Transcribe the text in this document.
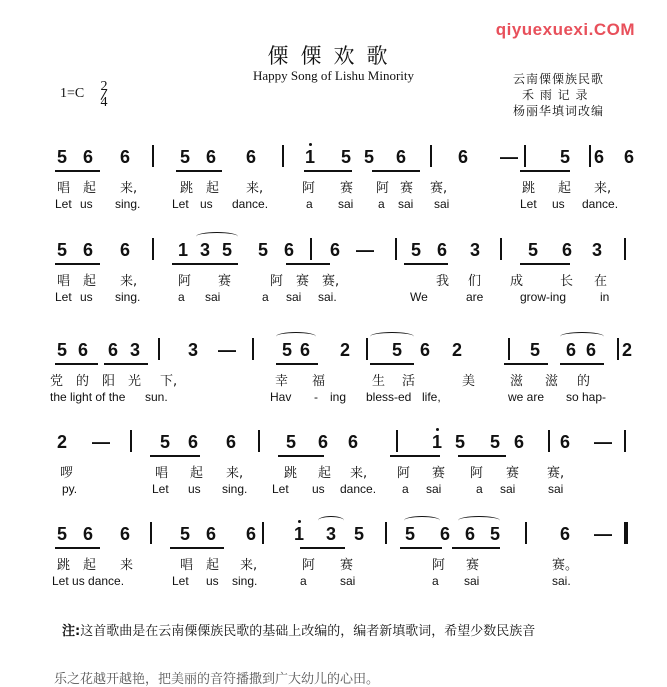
qiyuexuexi.COM
傈傈欢歌
Happy Song of Lishu Minority
1=C 2
4
云南傈傈族民歌
禾 雨 记 录
杨丽华填词改编
5 6 6	5 6 6	1 5 5 6	6 — 5 6 6
唱 起 来,	跳 起 来,	阿 赛 阿 赛 赛,	跳 起 来,
Let us sing.	Let us dance.	a sai a sai sai	Let us dance.
5 6 6	1 3 5 5 6 6 — 5 6 3	5 6 3
唱 起 来,	阿 赛	阿 赛 赛,	我 们 成	长 在
Let us sing.	a sai	a sai sai.	We	are	grow-ing	in
5 6 6 3	3 —	5 6 2 5 6 2	5 6 6 2
党 的 阳 光 下,	幸 福	生 活	美	滋 滋 的
the light of the sun.	Hav - ing bless-ed life,	we are so hap-
2 —	5 6 6	5 6 6	1 5 5 6 6 —
啰	唱 起 来,	跳 起 来, 阿 赛 阿 赛 赛,
py.	Let us sing. Let us dance. a sai	a sai	sai
5 6 6	5 6 6 1 3 5 5 6 6 5	6 —
跳 起 来	唱 起 来,	阿 赛	阿 赛	赛。
Let us dance.	Let us sing.	a	sai	a sai	sai.
注:这首歌曲是在云南傈傈族民歌的基础上改编的，编者新填歌词，希望少数民族音
乐之花越开越艳，把美丽的音符播撒到广大幼儿的心田。
